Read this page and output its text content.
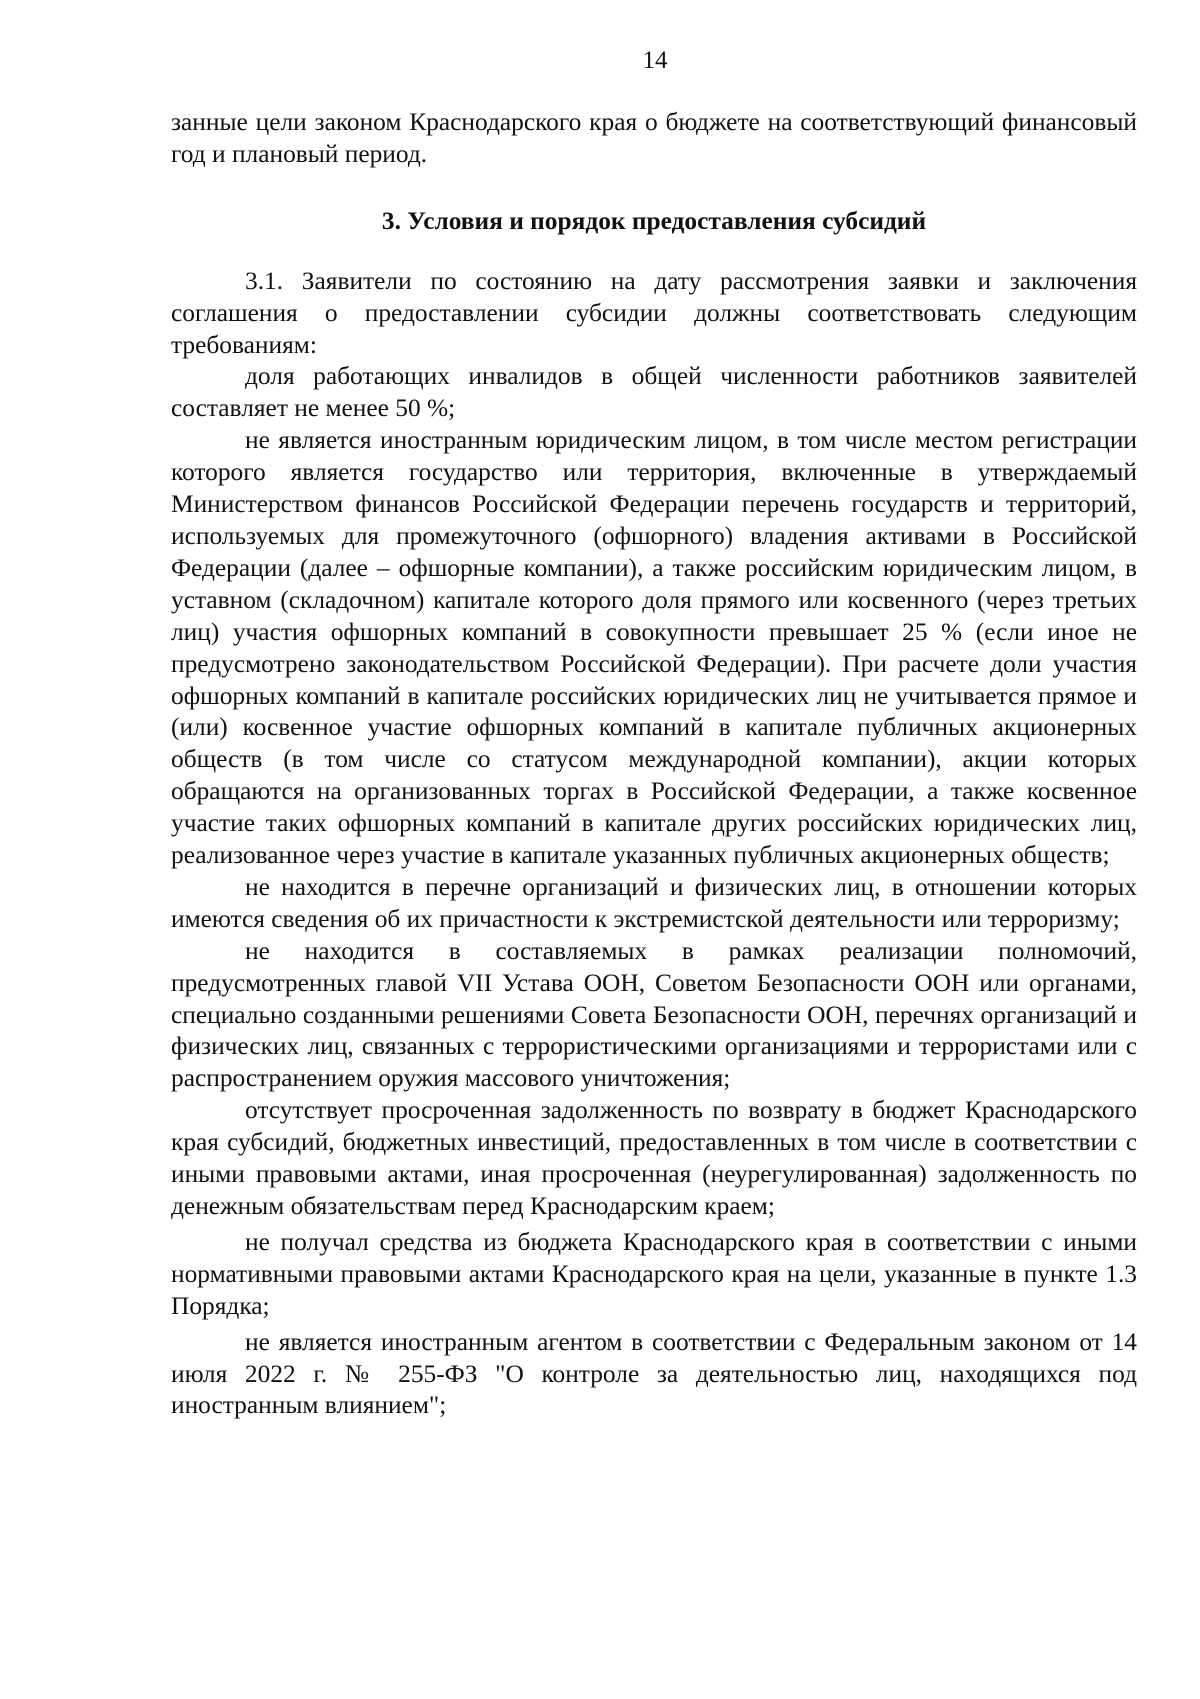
14

занные цели законом Краснодарского края о бюджете на соответствующий финансовый год и плановый период.

3. Условия и порядок предоставления субсидий

3.1. Заявители по состоянию на дату рассмотрения заявки и заключения соглашения о предоставлении субсидии должны соответствовать следующим требованиям:

доля работающих инвалидов в общей численности работников заявителей составляет не менее 50 %;

не является иностранным юридическим лицом, в том числе местом регистрации которого является государство или территория, включенные в утверждаемый Министерством финансов Российской Федерации перечень государств и территорий, используемых для промежуточного (офшорного) владения активами в Российской Федерации (далее – офшорные компании), а также российским юридическим лицом, в уставном (складочном) капитале которого доля прямого или косвенного (через третьих лиц) участия офшорных компаний в совокупности превышает 25 % (если иное не предусмотрено законодательством Российской Федерации). При расчете доли участия офшорных компаний в капитале российских юридических лиц не учитывается прямое и (или) косвенное участие офшорных компаний в капитале публичных акционерных обществ (в том числе со статусом международной компании), акции которых обращаются на организованных торгах в Российской Федерации, а также косвенное участие таких офшорных компаний в капитале других российских юридических лиц, реализованное через участие в капитале указанных публичных акционерных обществ;

не находится в перечне организаций и физических лиц, в отношении которых имеются сведения об их причастности к экстремистской деятельности или терроризму;

не находится в составляемых в рамках реализации полномочий, предусмотренных главой VII Устава ООН, Советом Безопасности ООН или органами, специально созданными решениями Совета Безопасности ООН, перечнях организаций и физических лиц, связанных с террористическими организациями и террористами или с распространением оружия массового уничтожения;

отсутствует просроченная задолженность по возврату в бюджет Краснодарского края субсидий, бюджетных инвестиций, предоставленных в том числе в соответствии с иными правовыми актами, иная просроченная (неурегулированная) задолженность по денежным обязательствам перед Краснодарским краем;

не получал средства из бюджета Краснодарского края в соответствии с иными нормативными правовыми актами Краснодарского края на цели, указанные в пункте 1.3 Порядка;

не является иностранным агентом в соответствии с Федеральным законом от 14 июля 2022 г. № 255-ФЗ "О контроле за деятельностью лиц, находящихся под иностранным влиянием";
